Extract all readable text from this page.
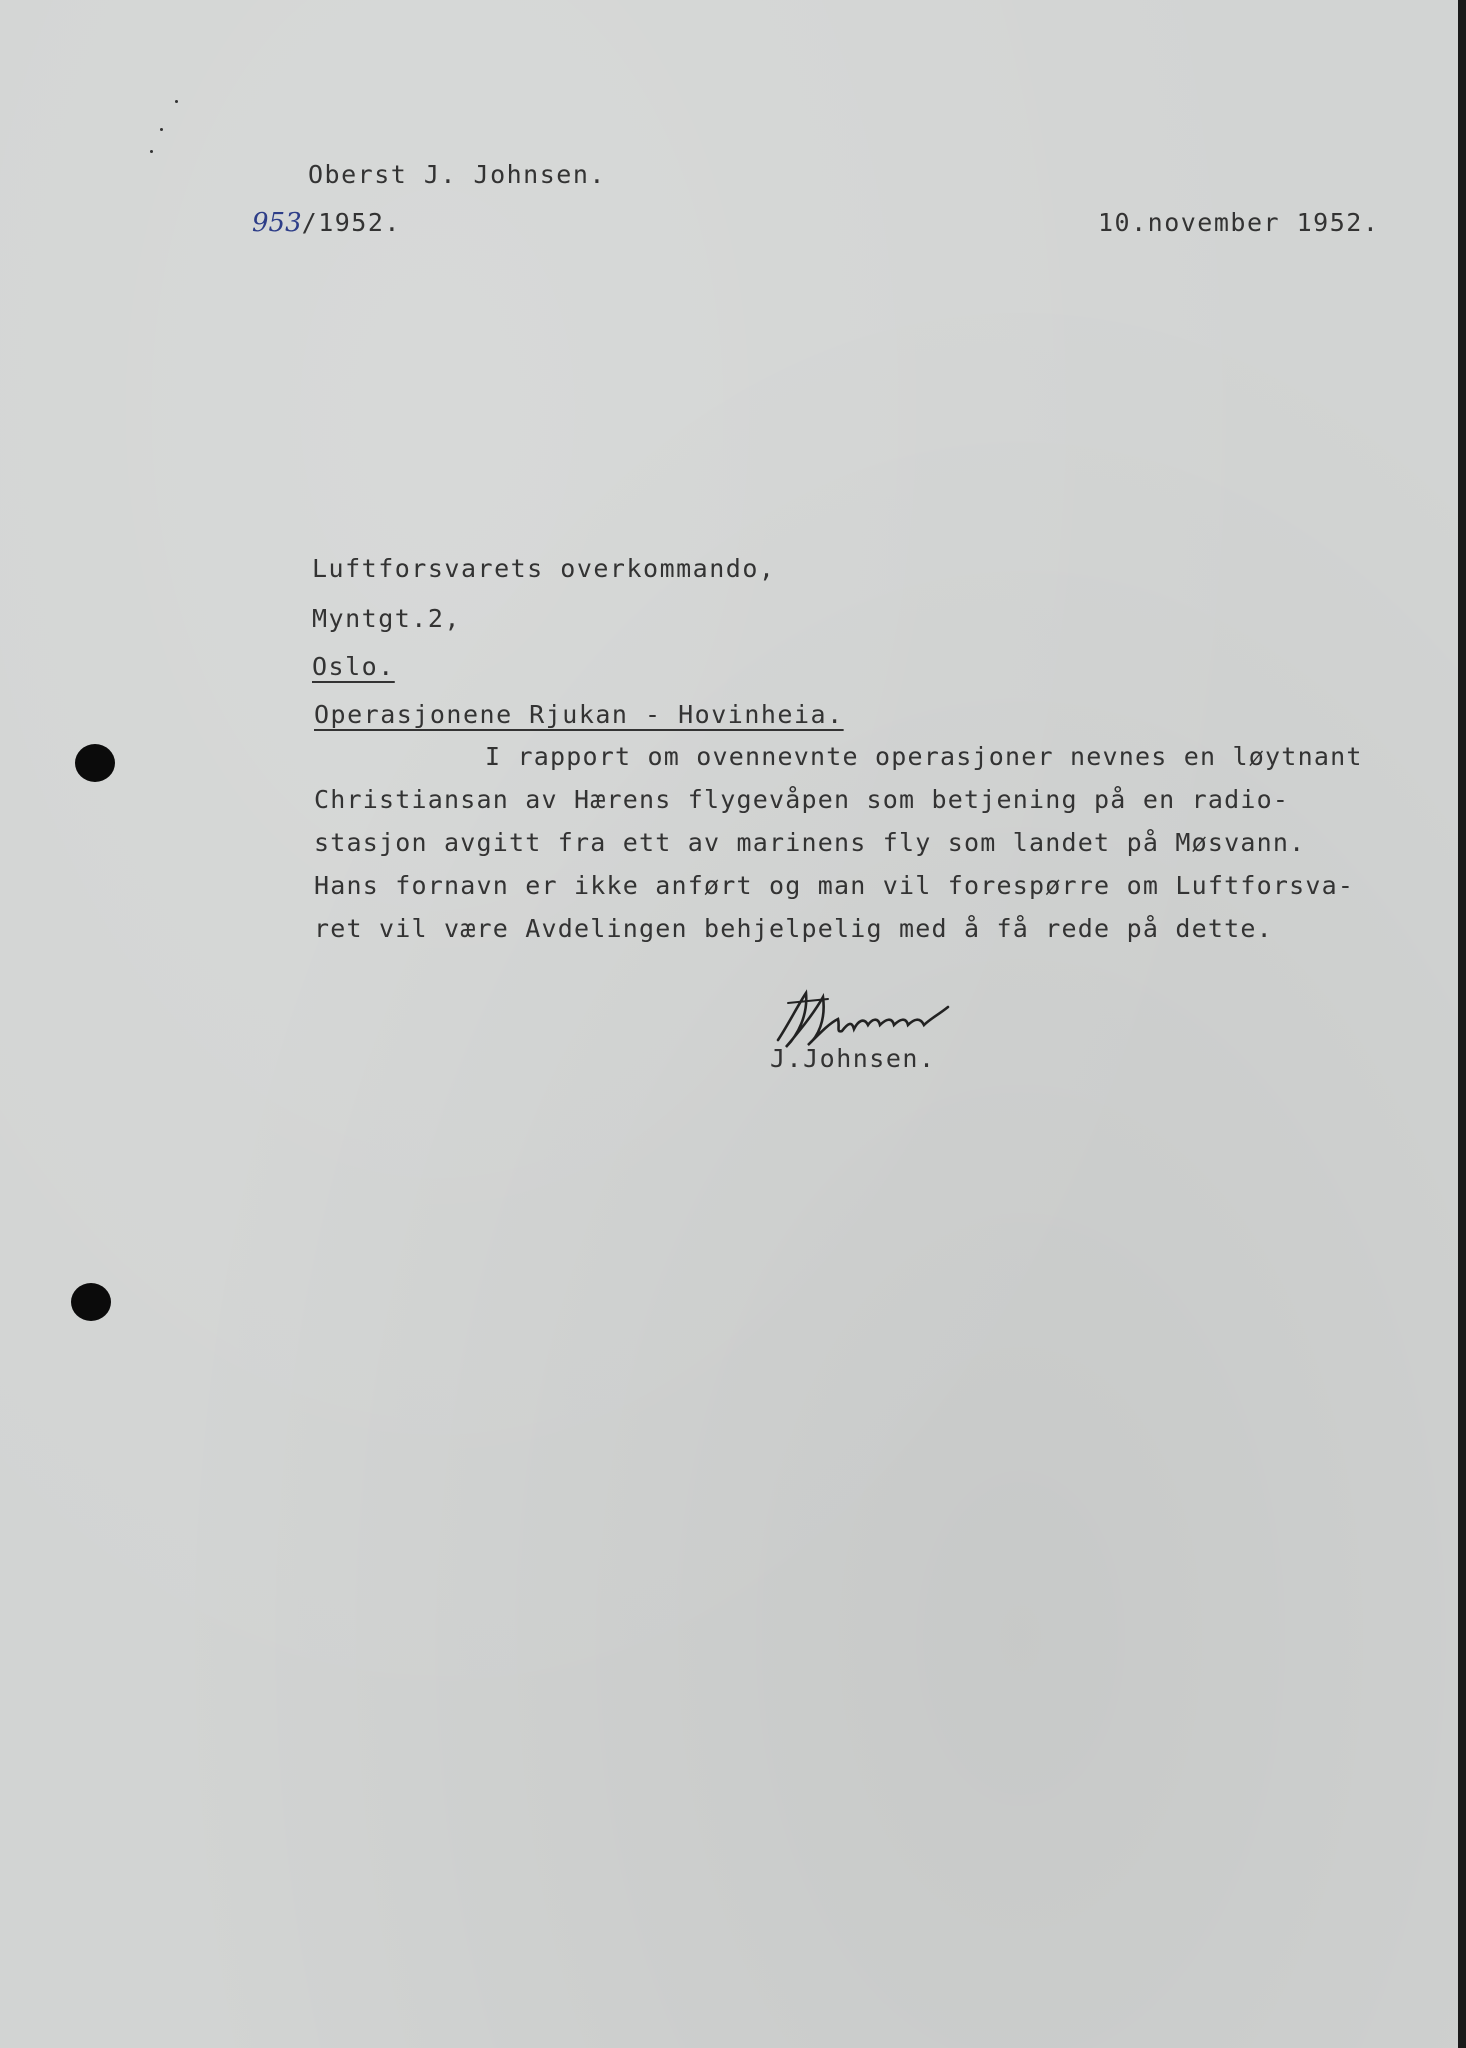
Oberst J. Johnsen.
953/1952.	10.november 1952.
Luftforsvarets overkommando,
Myntgt.2,
Oslo.
Operasjonene Rjukan - Hovinheia.
I rapport om ovennevnte operasjoner nevnes en løytnant
Christiansan av Hærens flygevåpen som betjening på en radio-
stasjon avgitt fra ett av marinens fly som landet på Møsvann.
Hans fornavn er ikke anført og man vil forespørre om Luftforsva-
ret vil være Avdelingen behjelpelig med å få rede på dette.
J.Johnsen.
